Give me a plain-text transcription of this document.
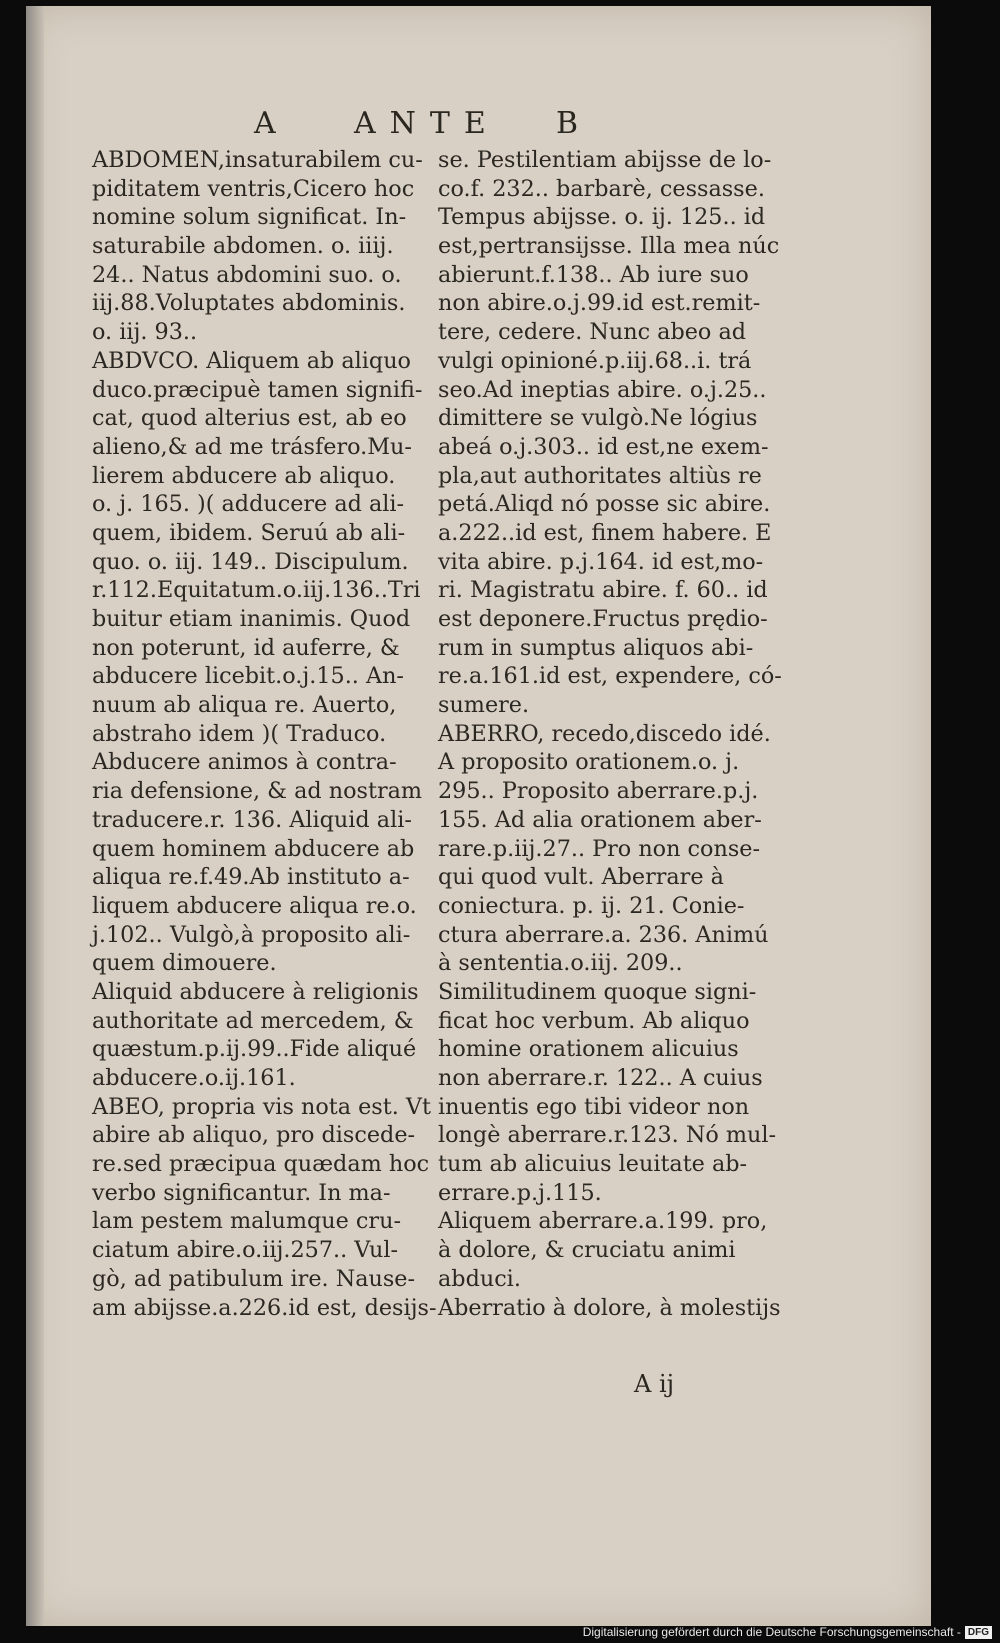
A	ANTE B
ABDOMEN,insaturabilem cu-
piditatem ventris,Cicero hoc
nomine solum significat. In-
saturabile abdomen. o. iiij.
24.. Natus abdomini suo. o.
iij.88.Voluptates abdominis.
o. iij. 93..
ABDVCO. Aliquem ab aliquo
duco.præcipuè tamen signifi-
cat, quod alterius est, ab eo
alieno,& ad me trásfero.Mu-
lierem abducere ab aliquo.
o. j. 165. )( adducere ad ali-
quem, ibidem. Seruú ab ali-
quo. o. iij. 149.. Discipulum.
r.112.Equitatum.o.iij.136..Tri
buitur etiam inanimis. Quod
non poterunt, id auferre, &
abducere licebit.o.j.15.. An-
nuum ab aliqua re. Auerto,
abstraho idem )( Traduco.
Abducere animos à contra-
ria defensione, & ad nostram
traducere.r. 136. Aliquid ali-
quem hominem abducere ab
aliqua re.f.49.Ab instituto a-
liquem abducere aliqua re.o.
j.102.. Vulgò,à proposito ali-
quem dimouere.
Aliquid abducere à religionis
authoritate ad mercedem, &
quæstum.p.ij.99..Fide aliqué
abducere.o.ij.161.
ABEO, propria vis nota est. Vt
abire ab aliquo, pro discede-
re.sed præcipua quædam hoc
verbo significantur. In ma-
lam pestem malumque cru-
ciatum abire.o.iij.257.. Vul-
gò, ad patibulum ire. Nause-
am abijsse.a.226.id est, desijs-
se. Pestilentiam abijsse de lo-
co.f. 232.. barbarè, cessasse.
Tempus abijsse. o. ij. 125.. id
est,pertransijsse. Illa mea núc
abierunt.f.138.. Ab iure suo
non abire.o.j.99.id est.remit-
tere, cedere. Nunc abeo ad
vulgi opinioné.p.iij.68..i. trá
seo.Ad ineptias abire. o.j.25..
dimittere se vulgò.Ne lógius
abeá o.j.303.. id est,ne exem-
pla,aut authoritates altiùs re
petá.Aliqd nó posse sic abire.
a.222..id est, finem habere. E
vita abire. p.j.164. id est,mo-
ri. Magistratu abire. f. 60.. id
est deponere.Fructus prędio-
rum in sumptus aliquos abi-
re.a.161.id est, expendere, có-
sumere.
ABERRO, recedo,discedo idé.
A proposito orationem.o. j.
295.. Proposito aberrare.p.j.
155. Ad alia orationem aber-
rare.p.iij.27.. Pro non conse-
qui quod vult. Aberrare à
coniectura. p. ij. 21. Conie-
ctura aberrare.a. 236. Animú
à sententia.o.iij. 209..
Similitudinem quoque signi-
ficat hoc verbum. Ab aliquo
homine orationem alicuius
non aberrare.r. 122.. A cuius
inuentis ego tibi videor non
longè aberrare.r.123. Nó mul-
tum ab alicuius leuitate ab-
errare.p.j.115.
Aliquem aberrare.a.199. pro,
à dolore, & cruciatu animi
abduci.
Aberratio à dolore, à molestijs
A ij
Digitalisierung gefördert durch die Deutsche Forschungsgemeinschaft - DFG
